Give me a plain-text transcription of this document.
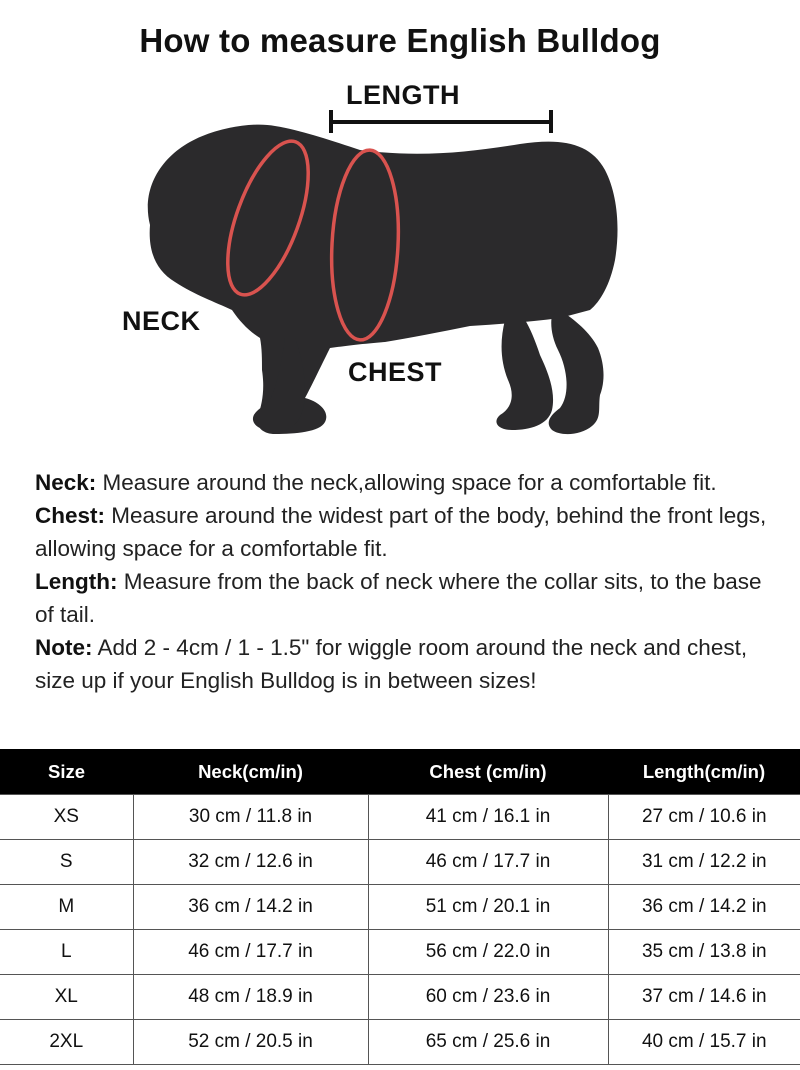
How to measure English Bulldog
LENGTH
NECK
CHEST

Neck: Measure around the neck,allowing space for a comfortable fit.

Chest: Measure around the widest part of the body, behind the front legs, allowing space for a comfortable fit.

Length: Measure from the back of neck where the collar sits, to the base of tail.

Note: Add 2 - 4cm / 1 - 1.5" for wiggle room around the neck and chest, size up if your English Bulldog is in between sizes!

Size	Neck(cm/in)	Chest (cm/in)	Length(cm/in)
XS	30 cm / 11.8 in	41 cm / 16.1 in	27 cm / 10.6 in
S	32 cm / 12.6 in	46 cm / 17.7 in	31 cm / 12.2 in
M	36 cm / 14.2 in	51 cm / 20.1 in	36 cm / 14.2 in
L	46 cm / 17.7 in	56 cm / 22.0 in	35 cm / 13.8 in
XL	48 cm / 18.9 in	60 cm / 23.6 in	37 cm / 14.6 in
2XL	52 cm / 20.5 in	65 cm / 25.6 in	40 cm / 15.7 in
